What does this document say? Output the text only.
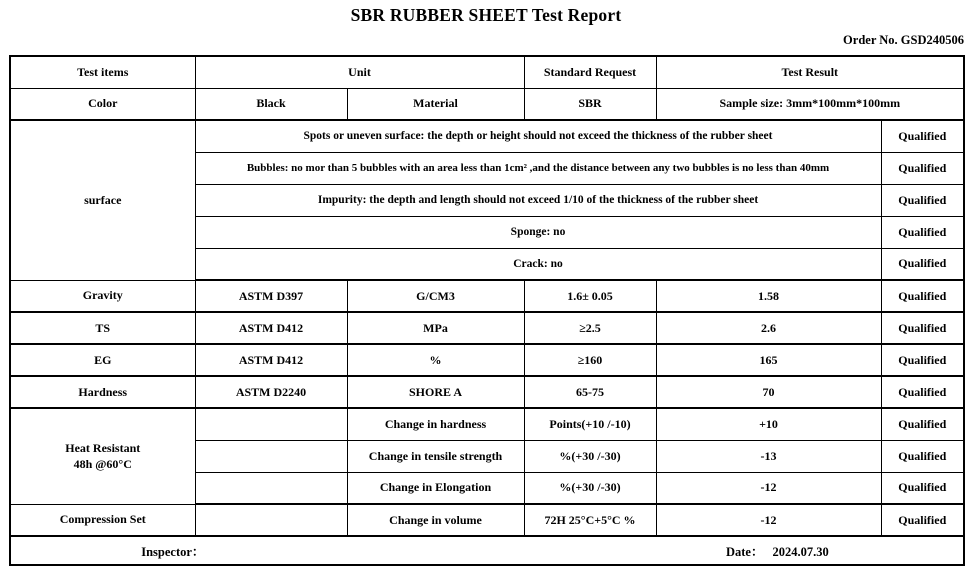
SBR RUBBER SHEET Test Report
Order No. GSD240506
Test items	Unit		Standard Request	Test Result	
Color	Black	Material	SBR	Sample size: 3mm*100mm*100mm	
surface	Spots or uneven surface: the depth or height should not exceed the thickness of the rubber sheet				Qualified
	Bubbles: no mor than 5 bubbles with an area less than 1cm² ,and the distance between any two bubbles is no less than 40mm				Qualified
	Impurity: the depth and length should not exceed 1/10 of the thickness of the rubber sheet				Qualified
	Sponge: no				Qualified
	Crack: no				Qualified
Gravity	ASTM D397	G/CM3	1.6± 0.05	1.58	Qualified
TS	ASTM D412	MPa	≥2.5	2.6	Qualified
EG	ASTM D412	%	≥160	165	Qualified
Hardness	ASTM D2240	SHORE A	65-75	70	Qualified

Heat Resistant
48h @60°C		Change in hardness	Points(+10 /-10)	+10	Qualified
		Change in tensile strength	%(+30 /-30)	-13	Qualified
		Change in Elongation	%(+30 /-30)	-12	Qualified
Compression Set		Change in volume	72H 25°C+5°C %	-12	Qualified

Inspector： Date： 2024.07.30					
